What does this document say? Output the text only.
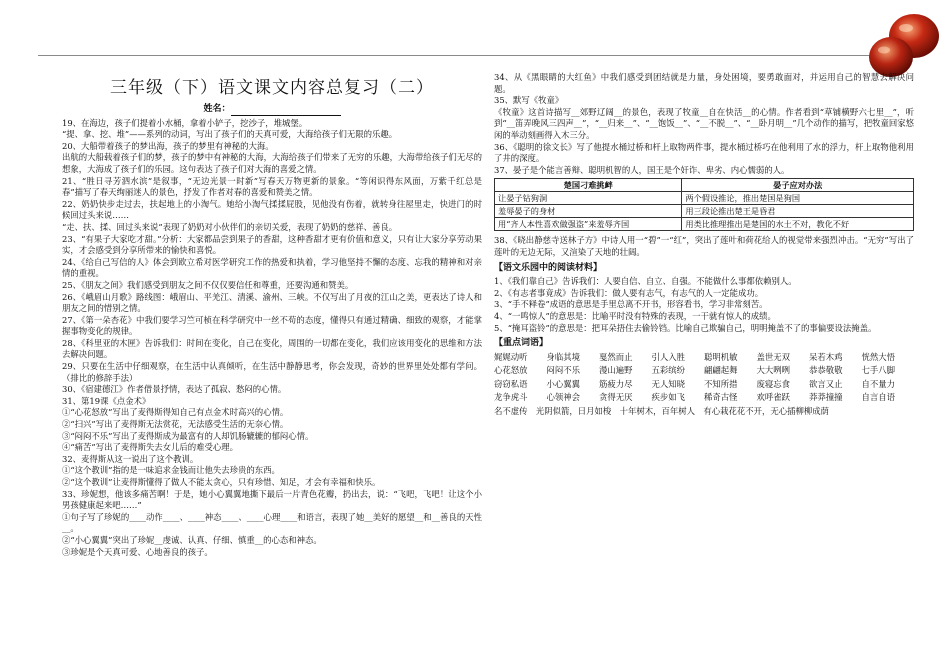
三年级（下）语文课文内容总复习（二）
姓名：

19、在海边，孩子们提着小水桶，拿着小铲子，挖沙子，堆城堡。

“提、拿、挖、堆”——系列的动词，写出了孩子们的天真可爱，大海给孩子们无限的乐趣。

20、大船带着孩子的梦出海，孩子的梦里有神秘的大海。

出航的大船载着孩子们的梦，孩子的梦中有神秘的大海，大海给孩子们带来了无穷的乐趣，大海带给孩子们无尽的想象，大海成了孩子们的乐园。这句表达了孩子们对大海的喜爱之情。

21、“胜日寻芳泗水滨”是叙事，“无边光景一时新”写春天万物更新的景象。“等闲识得东风面，万紫千红总是春”描写了春天绚丽迷人的景色，抒发了作者对春的喜爱和赞美之情。

22、奶奶快步走过去，扶起地上的小淘气。她给小淘气揉揉屁股，见他没有伤着，就转身往屋里走，快进门的时候回过头来说……

“走、扶、揉、回过头来说”表现了奶奶对小伙伴们的亲切关爱，表现了奶奶的慈祥、善良。

23、“有果子大家吃才甜。”分析：大家都品尝到果子的香甜，这种香甜才更有价值和意义，只有让大家分享劳动果实，才会感受到分享所带来的愉快和喜悦。

24、《给自己写信的人》体会到欧立希对医学研究工作的热爱和执着，学习他坚持不懈的态度、忘我的精神和对亲情的重视。

25、《朋友之间》我们感受到朋友之间不仅仅要信任和尊重，还要沟通和赞美。

26、《峨眉山月歌》路线图：峨眉山、平羌江、清溪、渝州、三峡。不仅写出了月夜的江山之美，更表达了诗人和朋友之间的惜别之情。

27、《第一朵杏花》中我们要学习竺可桢在科学研究中一丝不苟的态度，懂得只有通过精确、细致的观察，才能掌握事物变化的规律。

28、《科里亚的木匣》告诉我们：时间在变化，自己在变化，周围的一切都在变化，我们应该用变化的思维和方法去解决问题。

29、只要在生活中仔细观察，在生活中认真倾听，在生活中静静思考，你会发现，奇妙的世界里处处都有学问。（排比的修辞手法）

30、《宿建德江》作者借景抒情，表达了孤寂、愁闷的心情。

31、第19课《点金术》

①“心花怒放”写出了麦得斯得知自己有点金术时高兴的心情。

②“扫兴”写出了麦得斯无法赏花，无法感受生活的无奈心情。

③“闷闷不乐”写出了麦得斯成为最富有的人却饥肠辘辘的郁闷心情。

④“痛苦”写出了麦得斯失去女儿后的难受心理。

32、麦得斯从这一说出了这个教训。

①“这个教训”指的是一味追求金钱而让他失去珍贵的东西。

②“这个教训”让麦得斯懂得了做人不能太贪心，只有珍惜、知足，才会有幸福和快乐。

33、珍妮想，他该多痛苦啊！于是，她小心翼翼地撕下最后一片青色花瓣，扔出去，说：“飞吧，飞吧！让这个小男孩健康起来吧……”

①句子写了珍妮的____动作____、____神态____、____心理____和语言，表现了她__美好的愿望__和__善良的天性__。

②“小心翼翼”突出了珍妮__虔诚、认真、仔细、慎重__的心态和神态。

③珍妮是个天真可爱、心地善良的孩子。

34、从《黑眼睛的大红鱼》中我们感受到团结就是力量，身处困境，要勇敢面对，并运用自己的智慧去解决问题。

35、默写《牧童》

《牧童》这首诗描写__郊野辽阔__的景色，表现了牧童__自在快活__的心情。作者看到“草铺横野六七里__”，听到“__笛弄晚风三四声__”，“__归来__”、“__饱饭__”、“__不脱__”、“__卧月明__”几个动作的描写，把牧童回家悠闲的举动刻画得入木三分。

36、《聪明的徐文长》写了他提水桶过桥和杆上取物两件事，提水桶过桥巧在他利用了水的浮力，杆上取物他利用了井的深度。

37、晏子是个能言善辩、聪明机智的人，国王是个奸诈、卑劣、内心懦弱的人。

楚国刁难挑衅	晏子应对办法
让晏子钻狗洞	两个假设推论，推出楚国是狗国
羞辱晏子的身材	用三段论推出楚王是昏君
用“齐人本性喜欢做强盗”来羞辱齐国	用类比推理推出是楚国的水土不对，教化不好

38、《晓出静慈寺送林子方》中诗人用一“碧”一“红”，突出了莲叶和荷花给人的视觉带来强烈冲击。“无穷”写出了莲叶的无边无际，又渲染了天地的壮阔。

【语文乐园中的阅读材料】

1、《我们靠自己》告诉我们：人要自信、自立、自强。不能做什么事都依赖别人。

2、《有志者事竟成》告诉我们：做人要有志气，有志气的人一定能成功。

3、“手不释卷”成语的意思是手里总离不开书，形容看书，学习非常刻苦。

4、“一鸣惊人”的意思是：比喻平时没有特殊的表现，一干就有惊人的成绩。

5、“掩耳盗铃”的意思是：把耳朵捂住去偷铃铛。比喻自己欺骗自己，明明掩盖不了的事偏要设法掩盖。

【重点词语】
娓娓动听	身临其境	戛然而止	引人入胜	聪明机敏	盖世无双	呆若木鸡	恍然大悟
心花怒放	闷闷不乐	漫山遍野	五彩缤纷	翩翩起舞	大大咧咧	恭恭敬敬	七手八脚
窃窃私语	小心翼翼	筋疲力尽	无人知晓	不知所措	废寝忘食	欲言又止	自不量力
龙争虎斗	心领神会	贪得无厌	疾步如飞	稀奇古怪	欢呼雀跃	莽莽撞撞	自言自语
名不虚传　光阴似箭，日月如梭　十年树木，百年树人　有心栽花花不开，无心插柳柳成荫
